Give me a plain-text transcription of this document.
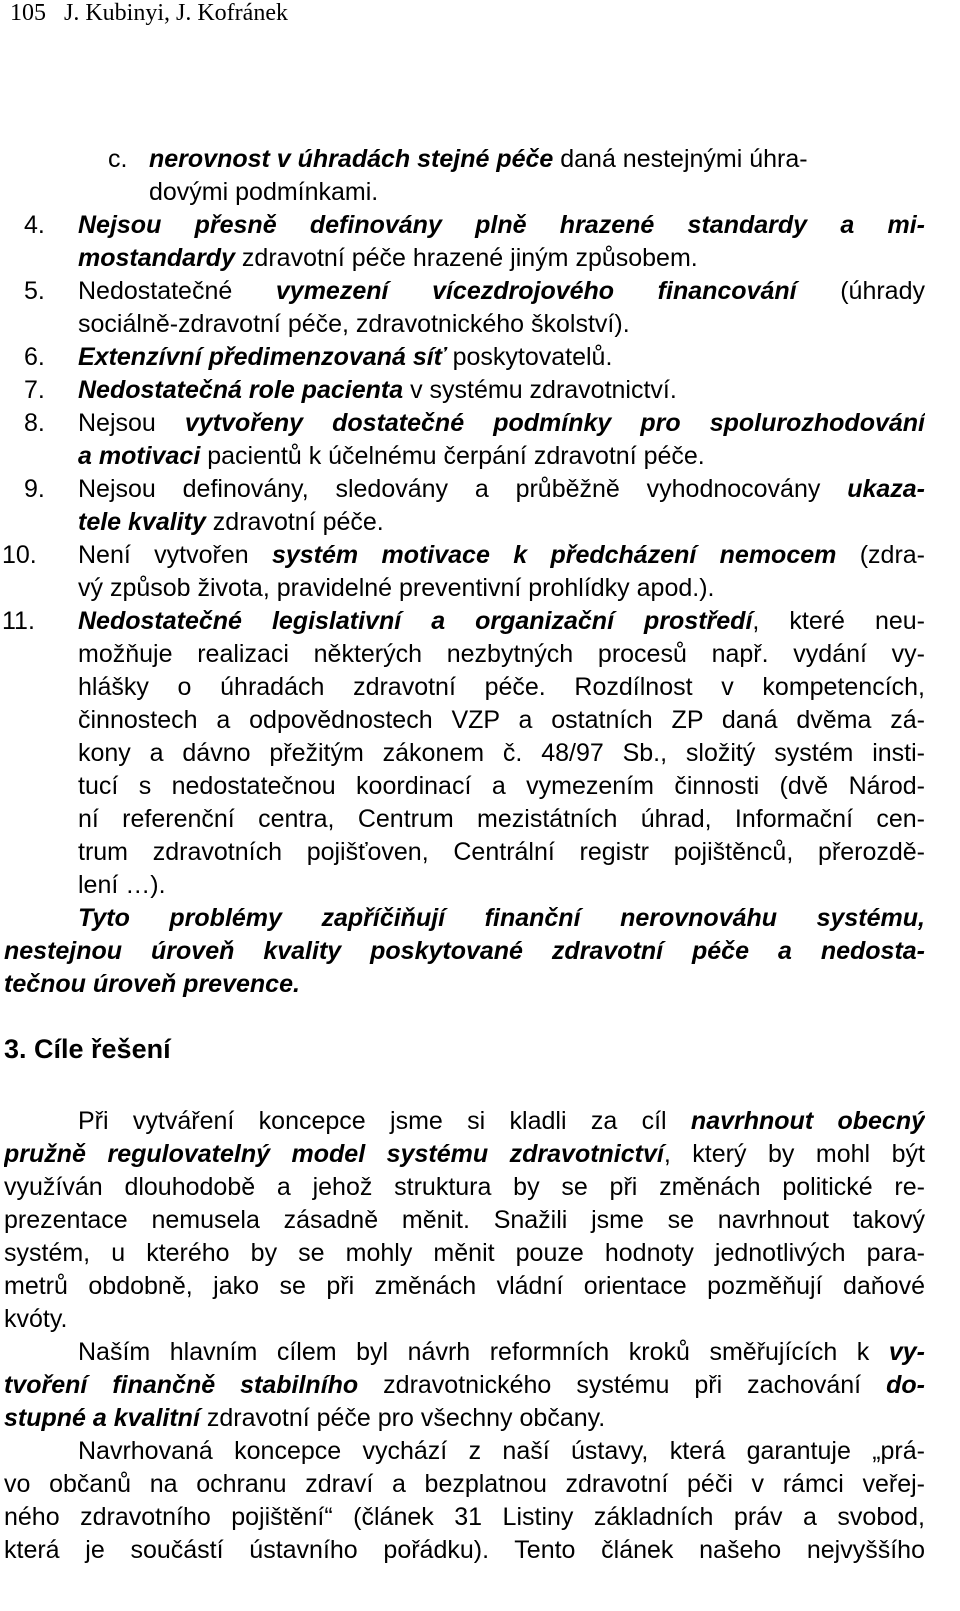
105 J. Kubinyi, J. Kofránek
c. nerovnost v úhradách stejné péče daná nestejnými úhra-
dovými podmínkami.
4. Nejsou přesně definovány plně hrazené standardy a mi-
mostandardy zdravotní péče hrazené jiným způsobem.
5. Nedostatečné vymezení vícezdrojového financování (úhrady
sociálně-zdravotní péče, zdravotnického školství).
6. Extenzívní předimenzovaná síť poskytovatelů.
7. Nedostatečná role pacienta v systému zdravotnictví.
8. Nejsou vytvořeny dostatečné podmínky pro spolurozhodování
a motivaci pacientů k účelnému čerpání zdravotní péče.
9. Nejsou definovány, sledovány a průběžně vyhodnocovány ukaza-
tele kvality zdravotní péče.
10. Není vytvořen systém motivace k předcházení nemocem (zdra-
vý způsob života, pravidelné preventivní prohlídky apod.).
11. Nedostatečné legislativní a organizační prostředí, které neu-
možňuje realizaci některých nezbytných procesů např. vydání vy-
hlášky o úhradách zdravotní péče. Rozdílnost v kompetencích,
činnostech a odpovědnostech VZP a ostatních ZP daná dvěma zá-
kony a dávno přežitým zákonem č. 48/97 Sb., složitý systém insti-
tucí s nedostatečnou koordinací a vymezením činnosti (dvě Národ-
ní referenční centra, Centrum mezistátních úhrad, Informační cen-
trum zdravotních pojišťoven, Centrální registr pojištěnců, přerozdě-
lení …).
Tyto problémy zapříčiňují finanční nerovnováhu systému,
nestejnou úroveň kvality poskytované zdravotní péče a nedosta-
tečnou úroveň prevence.
3. Cíle řešení
Při vytváření koncepce jsme si kladli za cíl navrhnout obecný
pružně regulovatelný model systému zdravotnictví, který by mohl být
využíván dlouhodobě a jehož struktura by se při změnách politické re-
prezentace nemusela zásadně měnit. Snažili jsme se navrhnout takový
systém, u kterého by se mohly měnit pouze hodnoty jednotlivých para-
metrů obdobně, jako se při změnách vládní orientace pozměňují daňové
kvóty.
Naším hlavním cílem byl návrh reformních kroků směřujících k vy-
tvoření finančně stabilního zdravotnického systému při zachování do-
stupné a kvalitní zdravotní péče pro všechny občany.
Navrhovaná koncepce vychází z naší ústavy, která garantuje „prá-
vo občanů na ochranu zdraví a bezplatnou zdravotní péči v rámci veřej-
ného zdravotního pojištění“ (článek 31 Listiny základních práv a svobod,
která je součástí ústavního pořádku). Tento článek našeho nejvyššího
